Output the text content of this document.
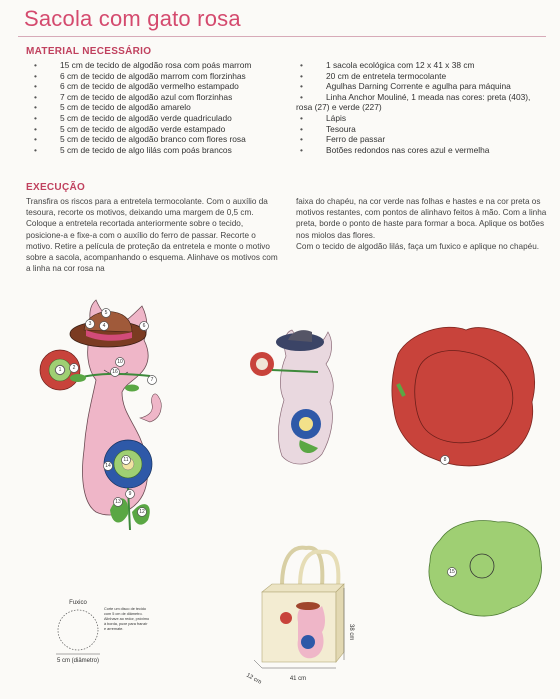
Sacola com gato rosa
MATERIAL NECESSÁRIO
• 15 cm de tecido de algodão rosa com poás marrom
• 6 cm de tecido de algodão marrom com florzinhas
• 6 cm de tecido de algodão vermelho estampado
• 7 cm de tecido de algodão azul com florzinhas
• 5 cm de tecido de algodão amarelo
• 5 cm de tecido de algodão verde quadriculado
• 5 cm de tecido de algodão verde estampado
• 5 cm de tecido de algodão branco com flores rosa
• 5 cm de tecido de algo lilás com poás brancos
• 1 sacola ecológica com 12 x 41 x 38 cm
• 20 cm de entretela termocolante
• Agulhas Darning Corrente e agulha para máquina
• Linha Anchor Mouliné, 1 meada nas cores: preta (403), rosa (27) e verde (227)
• Lápis
• Tesoura
• Ferro de passar
• Botões redondos nas cores azul e vermelha
EXECUÇÃO
Transfira os riscos para a entretela termocolante. Com o auxílio da tesoura, recorte os motivos, deixando uma margem de 0,5 cm. Coloque a entretela recortada anteriormente sobre o tecido, posicione-a e fixe-a com o auxílio do ferro de passar. Recorte o motivo. Retire a película de proteção da entretela e monte o motivo sobre a sacola, acompanhando o esquema. Alinhave os motivos com a linha na cor rosa na
faixa do chapéu, na cor verde nas folhas e hastes e na cor preta os motivos restantes, com pontos de alinhavo feitos à mão. Com a linha preta, borde o ponto de haste para formar a boca. Aplique os botões nos miolos das flores.
Com o tecido de algodão lilás, faça um fuxico e aplique no chapéu.
3 4
5
6
7
10
16
1 2
11
14
13
12
9
8
15
38 cm
41 cm
12 cm
Fuxico
5 cm (diâmetro)
Corte um disco de tecido
com 5 cm de diâmetro.
Alinhave ao redor, próximo
à borda, puxe para franzir
e arremate.
